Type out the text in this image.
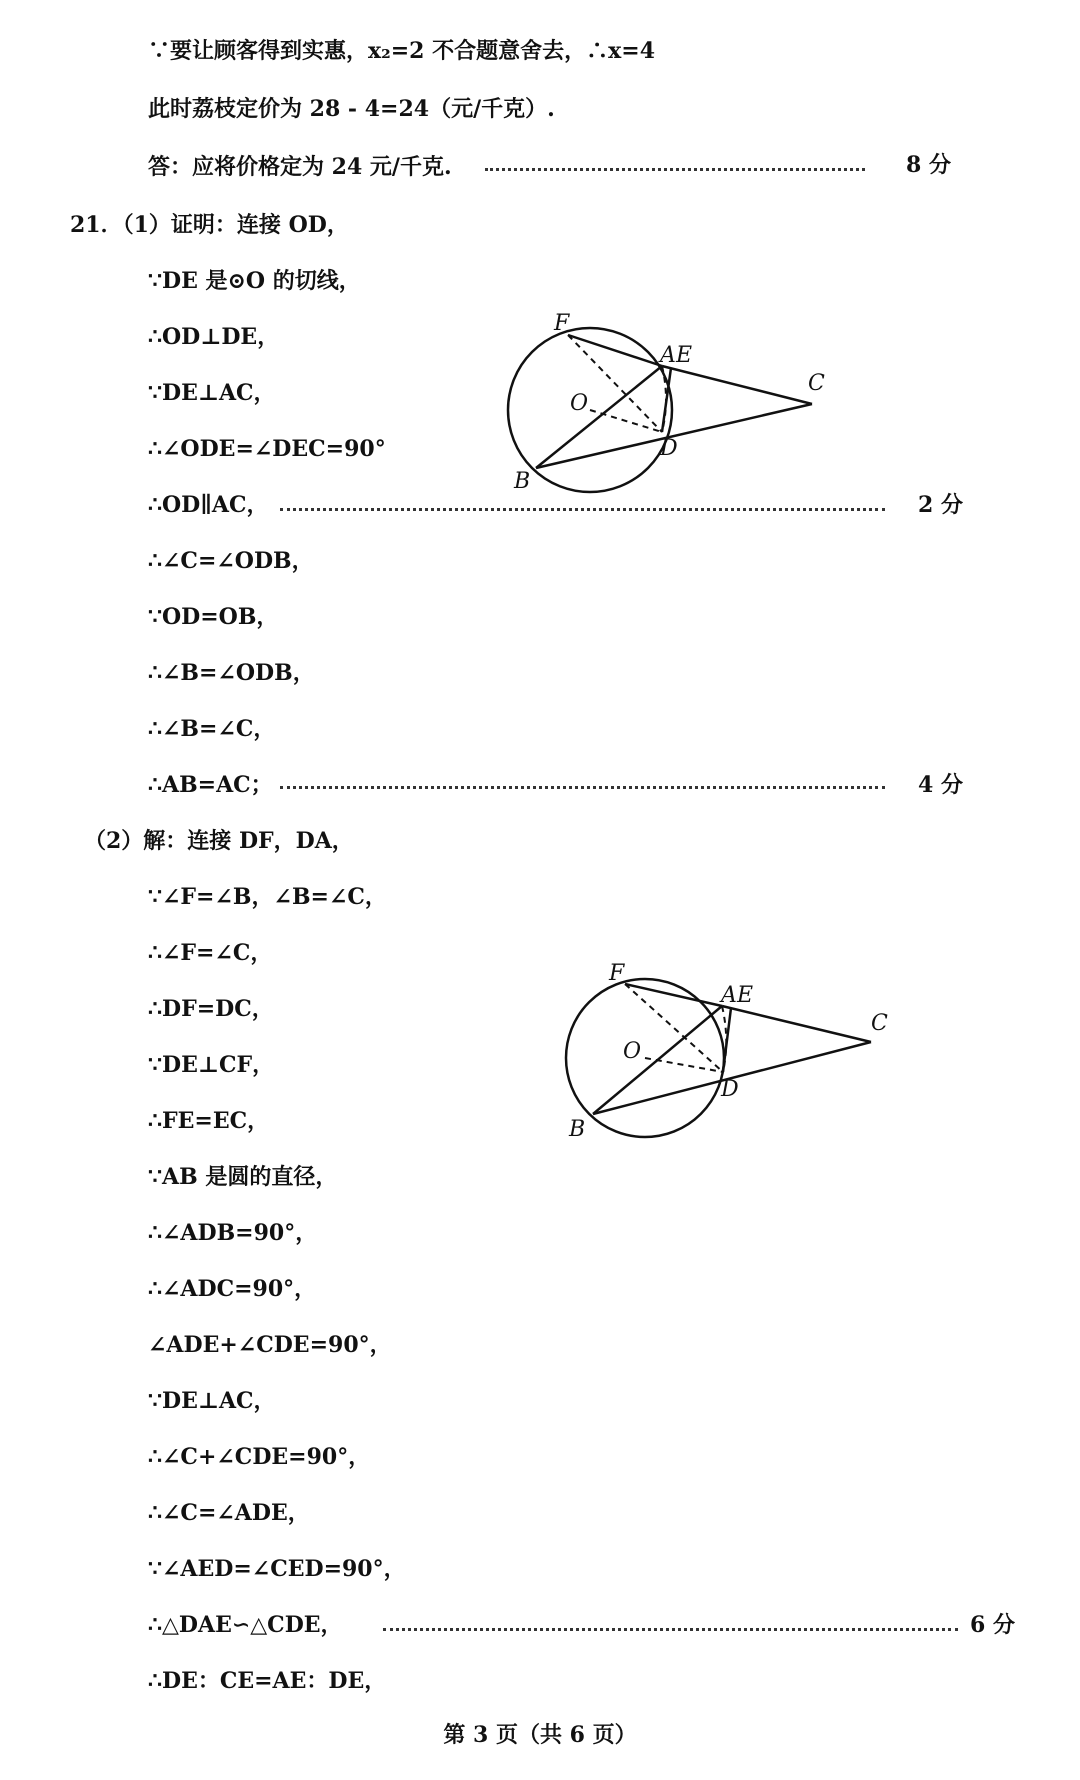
∵要让顾客得到实惠，x₂=2 不合题意舍去，∴x=4
此时荔枝定价为 28 - 4=24（元/千克）.
答：应将价格定为 24 元/千克.	8 分
21．（1）证明：连接 OD，
∵DE 是⊙O 的切线，
∴OD⊥DE，
∵DE⊥AC，
∴∠ODE=∠DEC=90°
∴OD∥AC，	2 分
∴∠C=∠ODB，
∵OD=OB，
∴∠B=∠ODB，
∴∠B=∠C，
∴AB=AC；	4 分
F
A E
C
O
D
B
（2）解：连接 DF，DA，
∵∠F=∠B，∠B=∠C，
∴∠F=∠C，
∴DF=DC，
∵DE⊥CF，
∴FE=EC，
∵AB 是圆的直径，
∴∠ADB=90°，
∴∠ADC=90°，
∠ADE+∠CDE=90°，
∵DE⊥AC，
∴∠C+∠CDE=90°，
∴∠C=∠ADE，
∵∠AED=∠CED=90°，
∴△DAE∽△CDE，	6 分
∴DE：CE=AE：DE，
F
A E
C
O
D
B
第 3 页（共 6 页）
